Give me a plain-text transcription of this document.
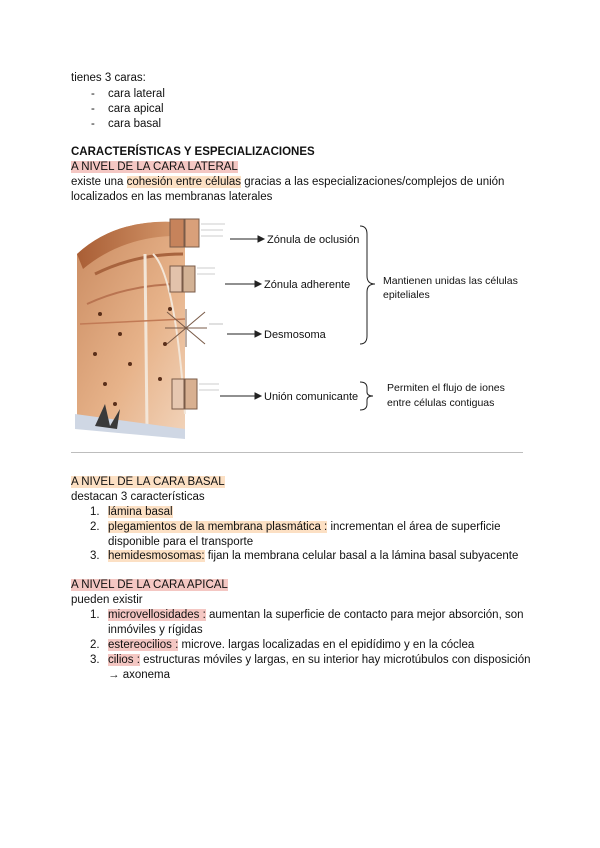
tienes 3 caras:
- cara lateral
- cara apical
- cara basal
CARACTERÍSTICAS Y ESPECIALIZACIONES
A NIVEL DE LA CARA LATERAL
existe una cohesión entre células gracias a las especializaciones/complejos de unión
localizados en las membranas laterales
Zónula de oclusión
Zónula adherente
Desmosoma
Unión comunicante
Mantienen unidas las células
epiteliales
Permiten el flujo de iones
entre células contiguas
A NIVEL DE LA CARA BASAL
destacan 3 características
1. lámina basal
2. plegamientos de la membrana plasmática : incrementan el área de superficie
disponible para el transporte
3. hemidesmosomas: fijan la membrana celular basal a la lámina basal subyacente
A NIVEL DE LA CARA APICAL
pueden existir
1. microvellosidades : aumentan la superficie de contacto para mejor absorción, son
inmóviles y rígidas
2. estereocilios : microve. largas localizadas en el epidídimo y en la cóclea
3. cilios : estructuras móviles y largas, en su interior hay microtúbulos con disposición
→ axonema
